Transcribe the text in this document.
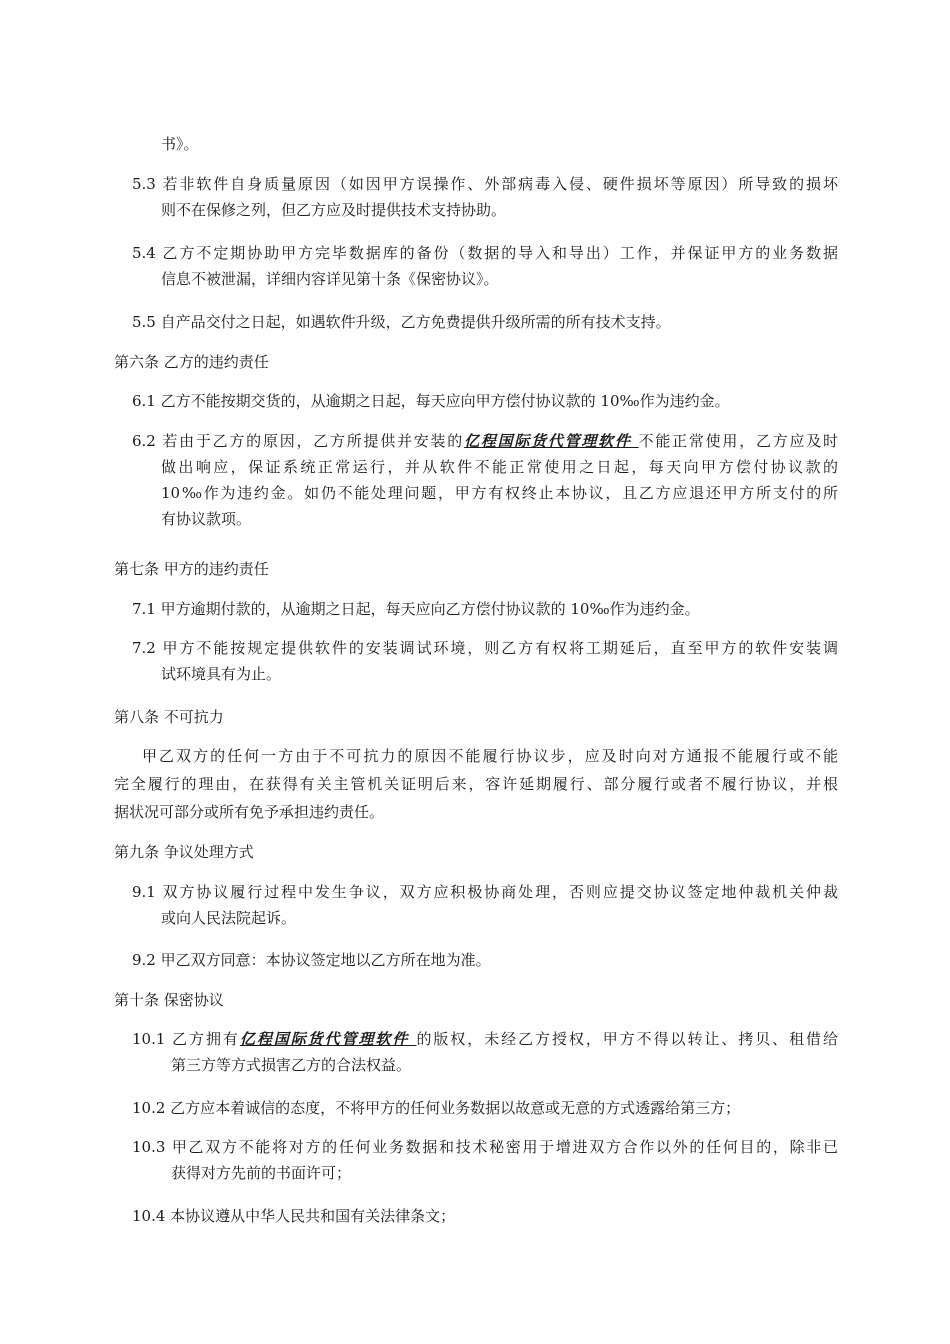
书》。
5.3 若非软件自身质量原因（如因甲方误操作、外部病毒入侵、硬件损坏等原因）所导致的损坏
则不在保修之列，但乙方应及时提供技术支持协助。
5.4 乙方不定期协助甲方完毕数据库的备份（数据的导入和导出）工作，并保证甲方的业务数据
信息不被泄漏，详细内容详见第十条《保密协议》。
5.5 自产品交付之日起，如遇软件升级，乙方免费提供升级所需的所有技术支持。
第六条 乙方的违约责任
6.1 乙方不能按期交货的，从逾期之日起，每天应向甲方偿付协议款的 10‰作为违约金。
6.2 若由于乙方的原因，乙方所提供并安装的亿程国际货代管理软件 不能正常使用，乙方应及时
做出响应，保证系统正常运行，并从软件不能正常使用之日起，每天向甲方偿付协议款的
10‰作为违约金。如仍不能处理问题，甲方有权终止本协议，且乙方应退还甲方所支付的所
有协议款项。
第七条 甲方的违约责任
7.1 甲方逾期付款的，从逾期之日起，每天应向乙方偿付协议款的 10‰作为违约金。
7.2 甲方不能按规定提供软件的安装调试环境，则乙方有权将工期延后，直至甲方的软件安装调
试环境具有为止。
第八条 不可抗力
甲乙双方的任何一方由于不可抗力的原因不能履行协议步，应及时向对方通报不能履行或不能
完全履行的理由，在获得有关主管机关证明后来，容许延期履行、部分履行或者不履行协议，并根
据状况可部分或所有免予承担违约责任。
第九条 争议处理方式
9.1 双方协议履行过程中发生争议，双方应积极协商处理，否则应提交协议签定地仲裁机关仲裁
或向人民法院起诉。
9.2 甲乙双方同意：本协议签定地以乙方所在地为准。
第十条 保密协议
10.1 乙方拥有亿程国际货代管理软件 的版权，未经乙方授权，甲方不得以转让、拷贝、租借给
第三方等方式损害乙方的合法权益。
10.2 乙方应本着诚信的态度，不将甲方的任何业务数据以故意或无意的方式透露给第三方；
10.3 甲乙双方不能将对方的任何业务数据和技术秘密用于增进双方合作以外的任何目的，除非已
获得对方先前的书面许可；
10.4 本协议遵从中华人民共和国有关法律条文；
